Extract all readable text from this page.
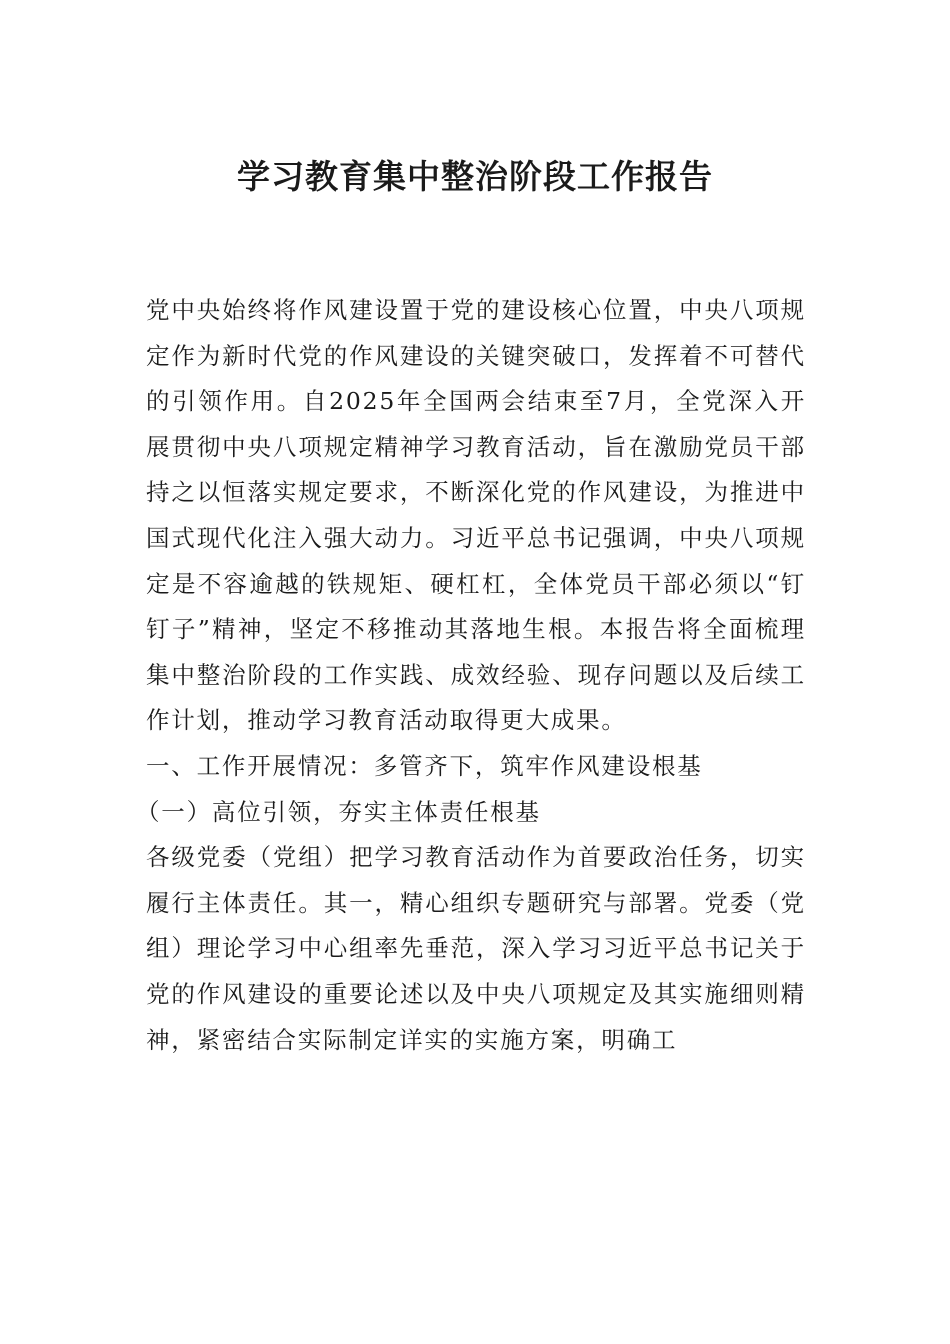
学习教育集中整治阶段工作报告

党中央始终将作风建设置于党的建设核心位置，中央八项规定作为新时代党的作风建设的关键突破口，发挥着不可替代的引领作用。自2025年全国两会结束至7月，全党深入开展贯彻中央八项规定精神学习教育活动，旨在激励党员干部持之以恒落实规定要求，不断深化党的作风建设，为推进中国式现代化注入强大动力。习近平总书记强调，中央八项规定是不容逾越的铁规矩、硬杠杠，全体党员干部必须以“钉钉子”精神，坚定不移推动其落地生根。本报告将全面梳理集中整治阶段的工作实践、成效经验、现存问题以及后续工作计划，推动学习教育活动取得更大成果。

一、工作开展情况：多管齐下，筑牢作风建设根基

（一）高位引领，夯实主体责任根基

各级党委（党组）把学习教育活动作为首要政治任务，切实履行主体责任。其一，精心组织专题研究与部署。党委（党组）理论学习中心组率先垂范，深入学习习近平总书记关于党的作风建设的重要论述以及中央八项规定及其实施细则精神，紧密结合实际制定详实的实施方案，明确工
